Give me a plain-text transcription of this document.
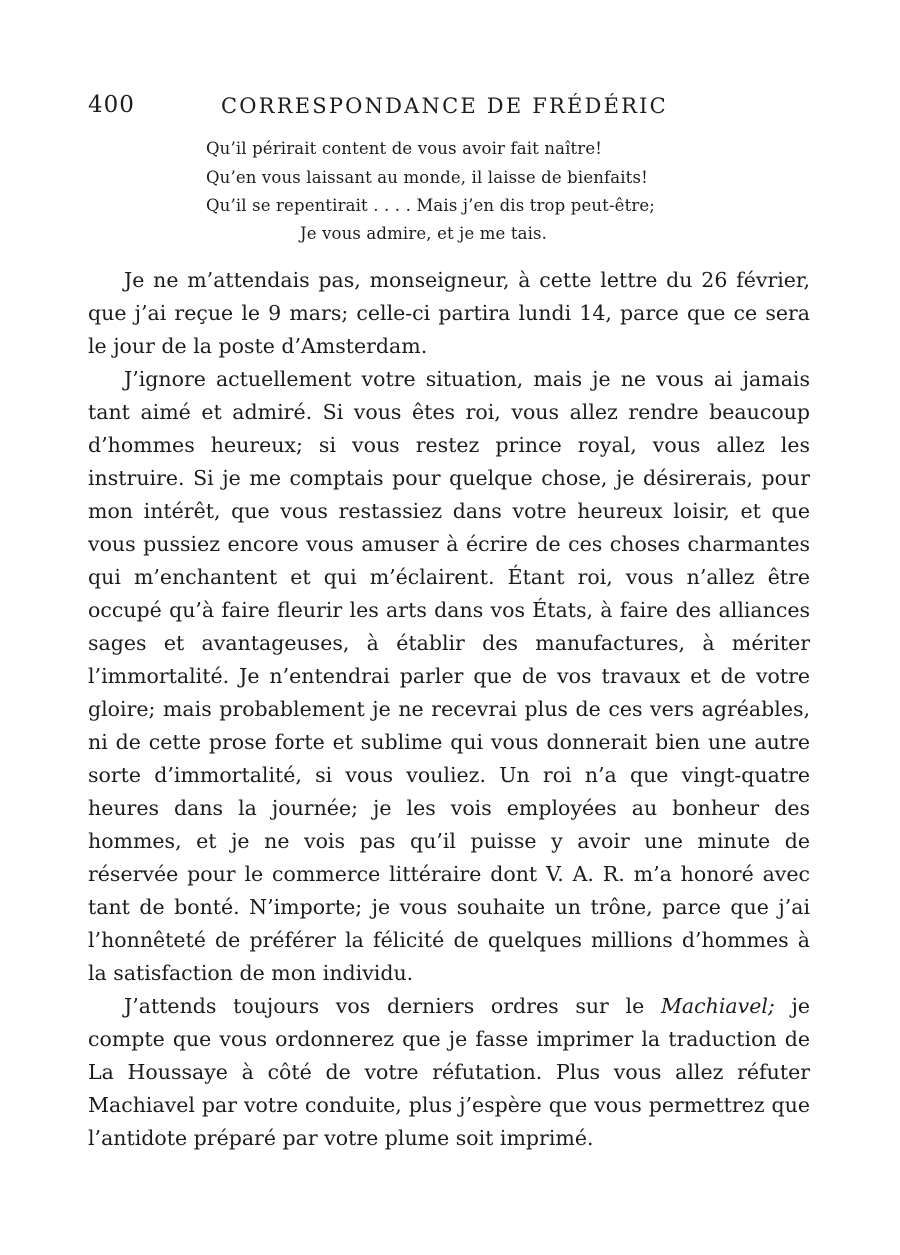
400	CORRESPONDANCE DE FRÉDÉRIC
Qu’il périrait content de vous avoir fait naître!
Qu’en vous laissant au monde, il laisse de bienfaits!
Qu’il se repentirait . . . . Mais j’en dis trop peut-être;
Je vous admire, et je me tais.

Je ne m’attendais pas, monseigneur, à cette lettre du 26 février, que j’ai reçue le 9 mars; celle-ci partira lundi 14, parce que ce sera le jour de la poste d’Amsterdam.

J’ignore actuellement votre situation, mais je ne vous ai jamais tant aimé et admiré. Si vous êtes roi, vous allez rendre beaucoup d’hommes heureux; si vous restez prince royal, vous allez les instruire. Si je me comptais pour quelque chose, je désirerais, pour mon intérêt, que vous restassiez dans votre heureux loisir, et que vous pussiez encore vous amuser à écrire de ces choses charmantes qui m’enchantent et qui m’éclairent. Étant roi, vous n’allez être occupé qu’à faire fleurir les arts dans vos États, à faire des alliances sages et avantageuses, à établir des manufactures, à mériter l’immortalité. Je n’entendrai parler que de vos travaux et de votre gloire; mais probablement je ne recevrai plus de ces vers agréables, ni de cette prose forte et sublime qui vous donnerait bien une autre sorte d’immortalité, si vous vouliez. Un roi n’a que vingt-quatre heures dans la journée; je les vois employées au bonheur des hommes, et je ne vois pas qu’il puisse y avoir une minute de réservée pour le commerce littéraire dont V. A. R. m’a honoré avec tant de bonté. N’importe; je vous souhaite un trône, parce que j’ai l’honnêteté de préférer la félicité de quelques millions d’hommes à la satisfaction de mon individu.

J’attends toujours vos derniers ordres sur le Machiavel; je compte que vous ordonnerez que je fasse imprimer la traduction de La Houssaye à côté de votre réfutation. Plus vous allez réfuter Machiavel par votre conduite, plus j’espère que vous permettrez que l’antidote préparé par votre plume soit imprimé.
